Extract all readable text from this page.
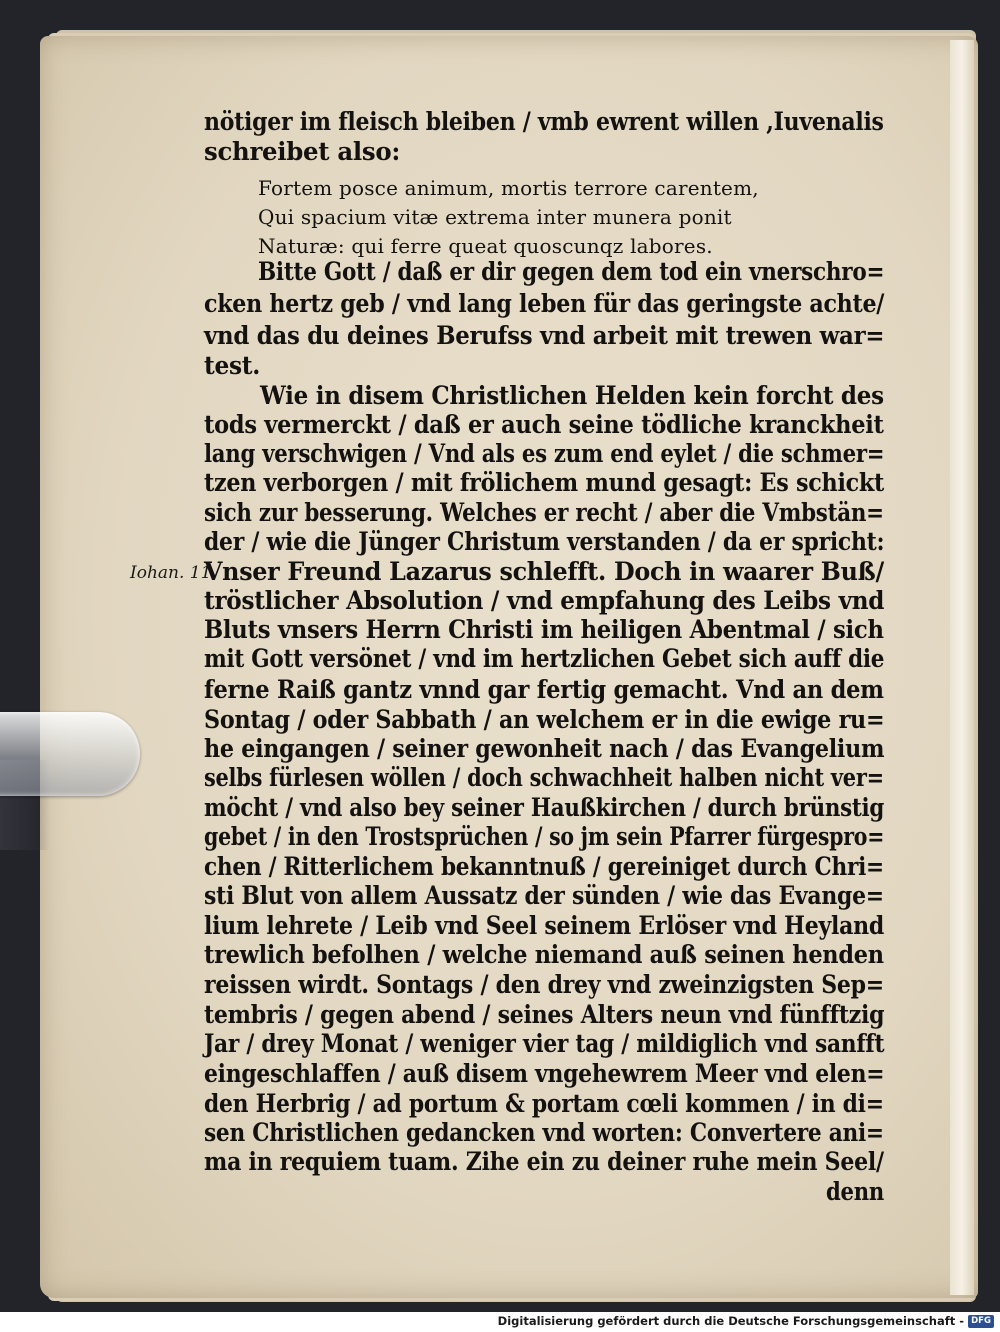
Iohan. 11.
nötiger im fleisch bleiben / vmb ewrent willen ,Iuvenalis
schreibet also:
Fortem posce animum, mortis terrore carentem,
Qui spacium vitæ extrema inter munera ponit
Naturæ: qui ferre queat quoscunqz labores.
Bitte Gott / daß er dir gegen dem tod ein vnerschro=
cken hertz geb / vnd lang leben für das geringste achte/
vnd das du deines Berufss vnd arbeit mit trewen war=
test.
Wie in disem Christlichen Helden kein forcht des
tods vermerckt / daß er auch seine tödliche kranckheit
lang verschwigen / Vnd als es zum end eylet / die schmer=
tzen verborgen / mit frölichem mund gesagt: Es schickt
sich zur besserung. Welches er recht / aber die Vmbstän=
der / wie die Jünger Christum verstanden / da er spricht:
Vnser Freund Lazarus schlefft. Doch in waarer Buß/
tröstlicher Absolution / vnd empfahung des Leibs vnd
Bluts vnsers Herrn Christi im heiligen Abentmal / sich
mit Gott versönet / vnd im hertzlichen Gebet sich auff die
ferne Raiß gantz vnnd gar fertig gemacht. Vnd an dem
Sontag / oder Sabbath / an welchem er in die ewige ru=
he eingangen / seiner gewonheit nach / das Evangelium
selbs fürlesen wöllen / doch schwachheit halben nicht ver=
möcht / vnd also bey seiner Haußkirchen / durch brünstig
gebet / in den Trostsprüchen / so jm sein Pfarrer fürgespro=
chen / Ritterlichem bekanntnuß / gereiniget durch Chri=
sti Blut von allem Aussatz der sünden / wie das Evange=
lium lehrete / Leib vnd Seel seinem Erlöser vnd Heyland
trewlich befolhen / welche niemand auß seinen henden
reissen wirdt. Sontags / den drey vnd zweinzigsten Sep=
tembris / gegen abend / seines Alters neun vnd fünfftzig
Jar / drey Monat / weniger vier tag / mildiglich vnd sanfft
eingeschlaffen / auß disem vngehewrem Meer vnd elen=
den Herbrig / ad portum & portam cœli kommen / in di=
sen Christlichen gedancken vnd worten: Convertere ani=
ma in requiem tuam. Zihe ein zu deiner ruhe mein Seel/
denn
Digitalisierung gefördert durch die Deutsche Forschungsgemeinschaft - DFG
